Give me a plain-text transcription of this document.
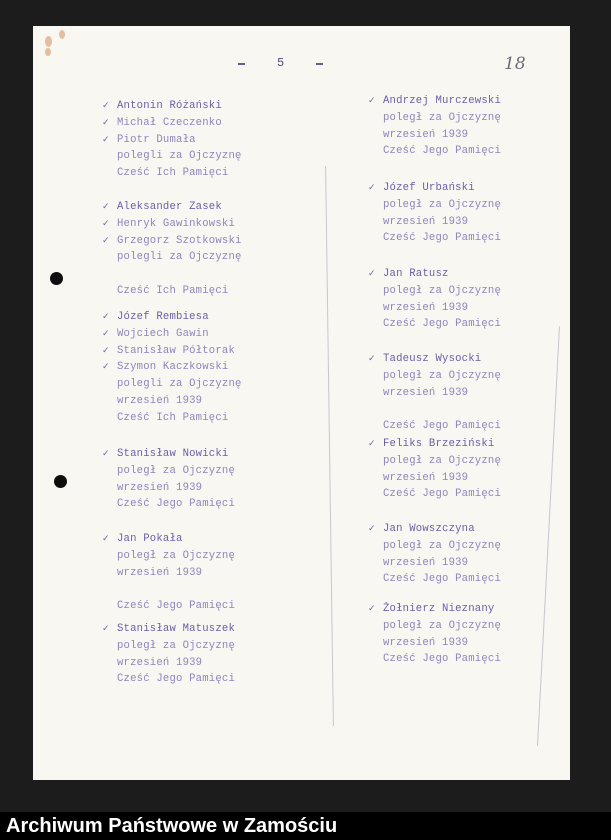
5	18
Antonin Różański
Michał Czeczenko
Piotr Dumała
polegli za Ojczyznę
Cześć Ich Pamięci
✓
✓
✓
Aleksander Zasek
Henryk Gawinkowski
Grzegorz Szotkowski
polegli za Ojczyznę

Cześć Ich Pamięci
✓
✓
✓
Józef Rembiesa
Wojciech Gawin
Stanisław Półtorak
Szymon Kaczkowski
polegli za Ojczyznę
wrzesień 1939
Cześć Ich Pamięci
✓
✓
✓
✓
Stanisław Nowicki
poległ za Ojczyznę
wrzesień 1939
Cześć Jego Pamięci
✓
Jan Pokała
poległ za Ojczyznę
wrzesień 1939

Cześć Jego Pamięci
✓
Stanisław Matuszek
poległ za Ojczyznę
wrzesień 1939
Cześć Jego Pamięci
✓
Andrzej Murczewski
poległ za Ojczyznę
wrzesień 1939
Cześć Jego Pamięci
✓
Józef Urbański
poległ za Ojczyznę
wrzesień 1939
Cześć Jego Pamięci
✓
Jan Ratusz
poległ za Ojczyznę
wrzesień 1939
Cześć Jego Pamięci
✓
Tadeusz Wysocki
poległ za Ojczyznę
wrzesień 1939

Cześć Jego Pamięci
✓
Feliks Brzeziński
poległ za Ojczyznę
wrzesień 1939
Cześć Jego Pamięci
✓
Jan Wowszczyna
poległ za Ojczyznę
wrzesień 1939
Cześć Jego Pamięci
✓
Żołnierz Nieznany
poległ za Ojczyznę
wrzesień 1939
Cześć Jego Pamięci
✓
Archiwum Państwowe w Zamościu
